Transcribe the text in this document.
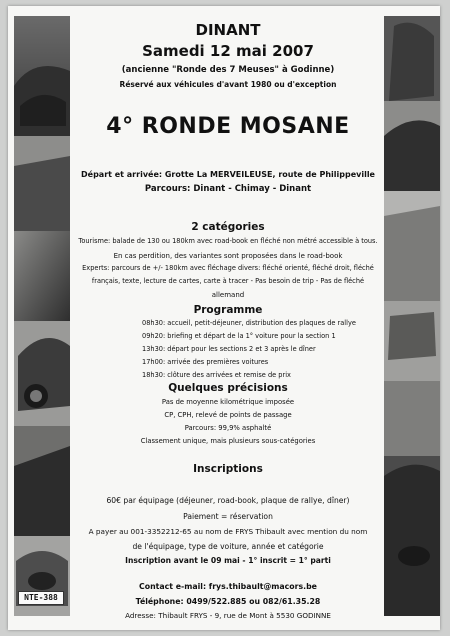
NTE-388
DINANT
Samedi 12 mai 2007
(ancienne "Ronde des 7 Meuses" à Godinne)
Réservé aux véhicules d'avant 1980 ou d'exception
4° RONDE MOSANE
Départ et arrivée: Grotte La MERVEILEUSE, route de Philippeville
Parcours: Dinant - Chimay - Dinant
2 catégories
Tourisme: balade de 130 ou 180km avec road-book en fléché non métré accessible à tous.
En cas perdition, des variantes sont proposées dans le road-book
Experts: parcours de +/- 180km avec fléchage divers: fléché orienté, fléché droit, fléché
français, texte, lecture de cartes, carte à tracer - Pas besoin de trip - Pas de fléché
allemand
Programme
08h30: accueil, petit-déjeuner, distribution des plaques de rallye
09h20: briefing et départ de la 1° voiture pour la section 1
13h30: départ pour les sections 2 et 3 après le dîner
17h00: arrivée des premières voitures
18h30: clôture des arrivées et remise de prix
Quelques précisions
Pas de moyenne kilométrique imposée
CP, CPH, relevé de points de passage
Parcours: 99,9% asphalté
Classement unique, mais plusieurs sous-catégories
Inscriptions
60€ par équipage (déjeuner, road-book, plaque de rallye, dîner)
Paiement = réservation
A payer au 001-3352212-65 au nom de FRYS Thibault avec mention du nom
de l'équipage, type de voiture, année et catégorie
Inscription avant le 09 mai - 1° inscrit = 1° parti
Contact e-mail: frys.thibault@macors.be
Téléphone: 0499/522.885 ou 082/61.35.28
Adresse: Thibault FRYS - 9, rue de Mont à 5530 GODINNE
